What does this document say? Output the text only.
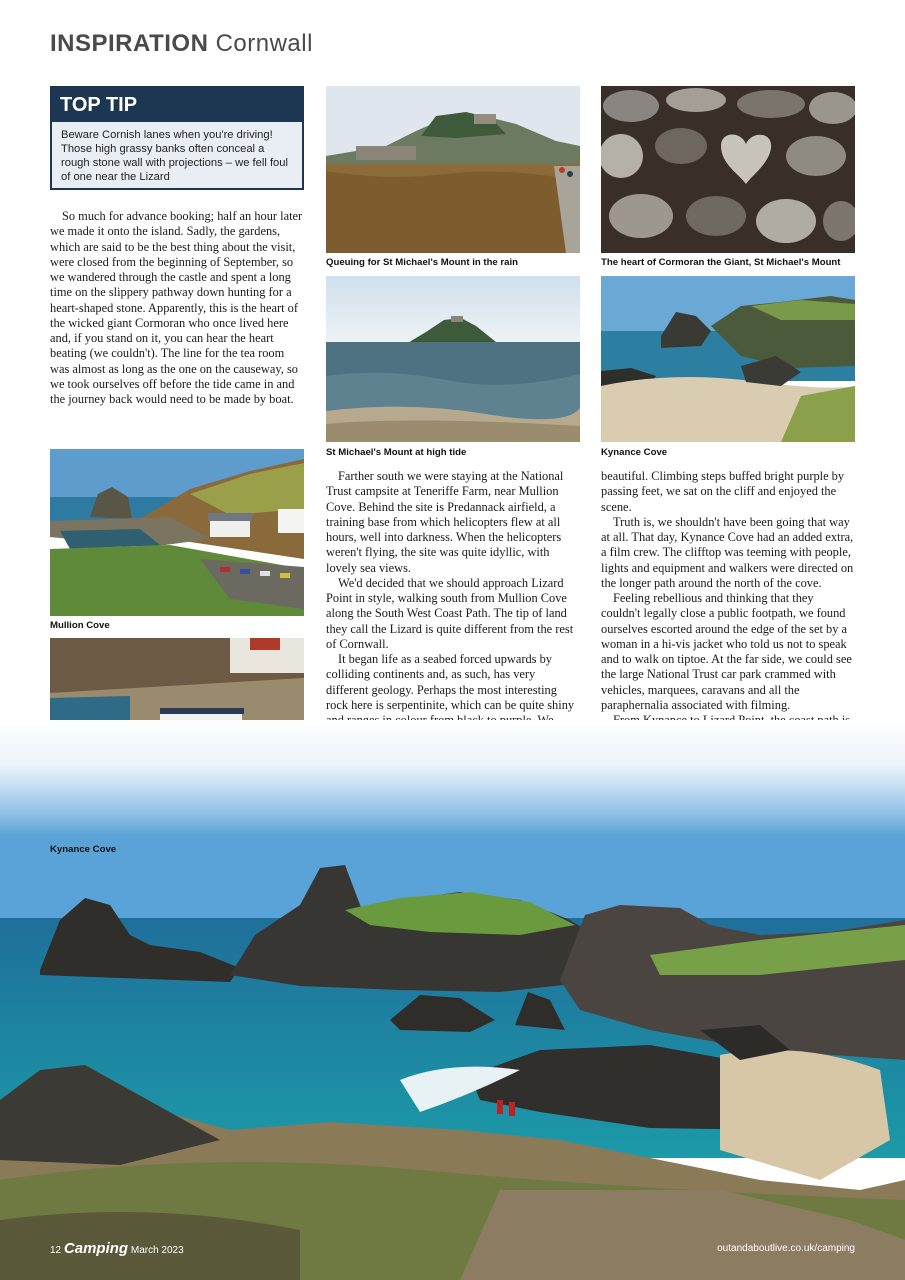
INSPIRATION Cornwall
TOP TIP
Beware Cornish lanes when you're driving! Those high grassy banks often conceal a rough stone wall with projections – we fell foul of one near the Lizard

So much for advance booking; half an hour later we made it onto the island. Sadly, the gardens, which are said to be the best thing about the visit, were closed from the beginning of September, so we wandered through the castle and spent a long time on the slippery pathway down hunting for a heart-shaped stone. Apparently, this is the heart of the wicked giant Cormoran who once lived here and, if you stand on it, you can hear the heart beating (we couldn't). The line for the tea room was almost as long as the one on the causeway, so we took ourselves off before the tide came in and the journey back would need to be made by boat.

Queuing for St Michael's Mount in the rain	The heart of Cormoran the Giant, St Michael's Mount
St Michael's Mount at high tide	Kynance Cove
Mullion Cove

Farther south we were staying at the National Trust campsite at Teneriffe Farm, near Mullion Cove. Behind the site is Predannack airfield, a training base from which helicopters flew at all hours, well into darkness. When the helicopters weren't flying, the site was quite idyllic, with lovely sea views.

We'd decided that we should approach Lizard Point in style, walking south from Mullion Cove along the South West Coast Path. The tip of land they call the Lizard is quite different from the rest of Cornwall.

It began life as a seabed forced upwards by colliding continents and, as such, has very different geology. Perhaps the most interesting rock here is serpentinite, which can be quite shiny

beautiful. Climbing steps buffed bright purple by passing feet, we sat on the cliff and enjoyed the scene.

Truth is, we shouldn't have been going that way at all. That day, Kynance Cove had an added extra, a film crew. The clifftop was teeming with people, lights and equipment and walkers were directed on the longer path around the north of the cove.

Feeling rebellious and thinking that they couldn't legally close a public footpath, we found ourselves escorted around the edge of the set by a woman in a hi-vis jacket who told us not to speak and to walk on tiptoe. At the far side, we could see the large National Trust car park crammed with vehicles, marquees, caravans and all the paraphernalia associated with filming.

Kynance Cove
12 Camping March 2023	outandaboutlive.co.uk/camping
